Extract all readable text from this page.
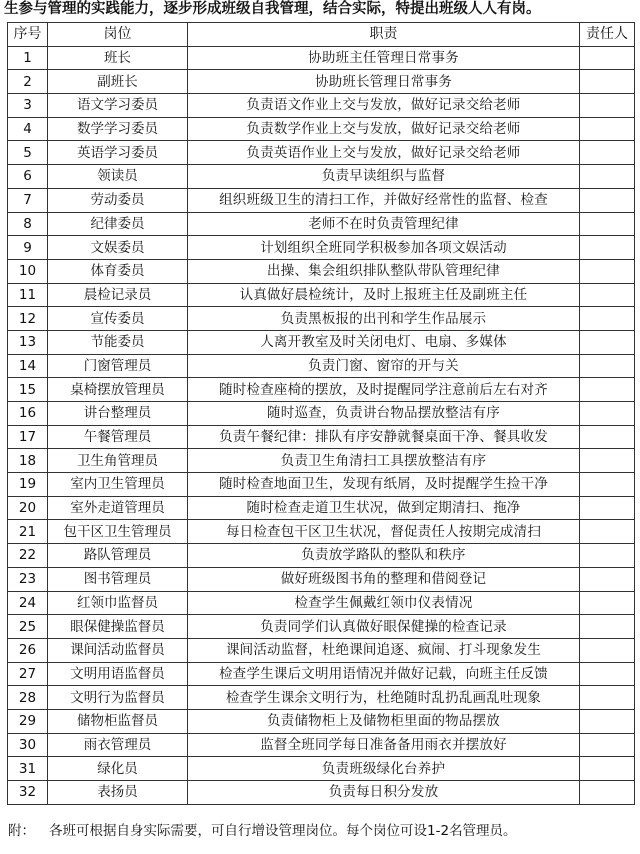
生参与管理的实践能力，逐步形成班级自我管理，结合实际，特提出班级人人有岗。
序号	岗位	职责	责任人
1	班长	协助班主任管理日常事务	
2	副班长	协助班长管理日常事务	
3	语文学习委员	负责语文作业上交与发放，做好记录交给老师	
4	数学学习委员	负责数学作业上交与发放，做好记录交给老师	
5	英语学习委员	负责英语作业上交与发放，做好记录交给老师	
6	领读员	负责早读组织与监督	
7	劳动委员	组织班级卫生的清扫工作，并做好经常性的监督、检查	
8	纪律委员	老师不在时负责管理纪律	
9	文娱委员	计划组织全班同学积极参加各项文娱活动	
10	体育委员	出操、集会组织排队整队带队管理纪律	
11	晨检记录员	认真做好晨检统计，及时上报班主任及副班主任	
12	宣传委员	负责黑板报的出刊和学生作品展示	
13	节能委员	人离开教室及时关闭电灯、电扇、多媒体	
14	门窗管理员	负责门窗、窗帘的开与关	
15	桌椅摆放管理员	随时检查座椅的摆放，及时提醒同学注意前后左右对齐	
16	讲台整理员	随时巡查，负责讲台物品摆放整洁有序	
17	午餐管理员	负责午餐纪律：排队有序安静就餐桌面干净、餐具收发	
18	卫生角管理员	负责卫生角清扫工具摆放整洁有序	
19	室内卫生管理员	随时检查地面卫生，发现有纸屑，及时提醒学生捡干净	
20	室外走道管理员	随时检查走道卫生状况，做到定期清扫、拖净	
21	包干区卫生管理员	每日检查包干区卫生状况，督促责任人按期完成清扫	
22	路队管理员	负责放学路队的整队和秩序	
23	图书管理员	做好班级图书角的整理和借阅登记	
24	红领巾监督员	检查学生佩戴红领巾仪表情况	
25	眼保健操监督员	负责同学们认真做好眼保健操的检查记录	
26	课间活动监督员	课间活动监督，杜绝课间追逐、疯闹、打斗现象发生	
27	文明用语监督员	检查学生课后文明用语情况并做好记载，向班主任反馈	
28	文明行为监督员	检查学生课余文明行为，杜绝随时乱扔乱画乱吐现象	
29	储物柜监督员	负责储物柜上及储物柜里面的物品摆放	
30	雨衣管理员	监督全班同学每日准备备用雨衣并摆放好	
31	绿化员	负责班级绿化台养护	
32	表扬员	负责每日积分发放	
附： 各班可根据自身实际需要，可自行增设管理岗位。每个岗位可设1-2名管理员。
